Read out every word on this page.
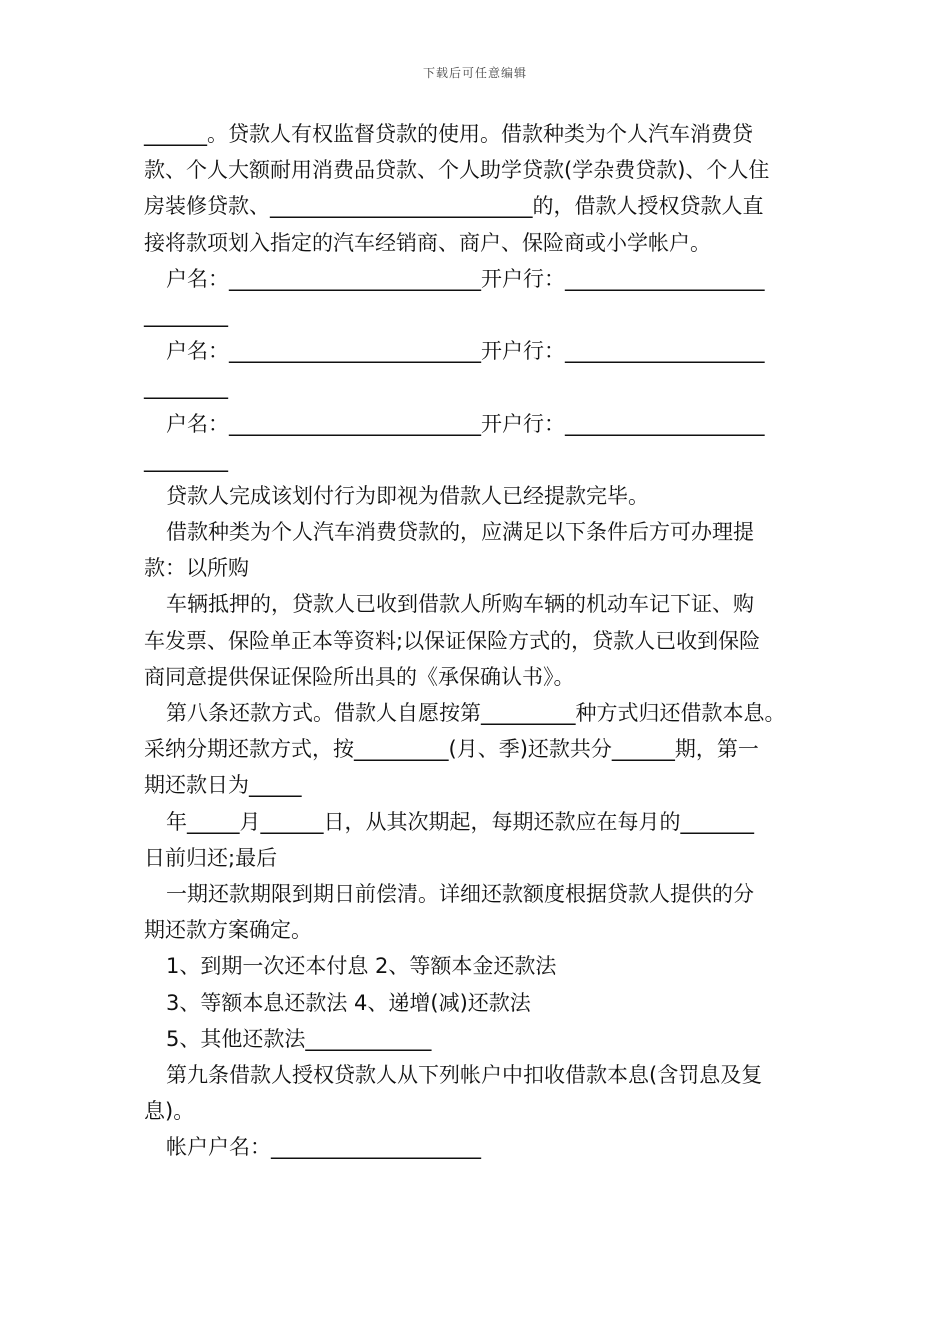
下载后可任意编辑
______。贷款人有权监督贷款的使用。借款种类为个人汽车消费贷
款、个人大额耐用消费品贷款、个人助学贷款(学杂费贷款)、个人住
房装修贷款、_________________________的，借款人授权贷款人直
接将款项划入指定的汽车经销商、商户、保险商或小学帐户。
户名：________________________开户行：___________________
________
户名：________________________开户行：___________________
________
户名：________________________开户行：___________________
________
贷款人完成该划付行为即视为借款人已经提款完毕。
借款种类为个人汽车消费贷款的，应满足以下条件后方可办理提
款：以所购
车辆抵押的，贷款人已收到借款人所购车辆的机动车记下证、购
车发票、保险单正本等资料;以保证保险方式的，贷款人已收到保险
商同意提供保证保险所出具的《承保确认书》。
第八条还款方式。借款人自愿按第_________种方式归还借款本息。
采纳分期还款方式，按_________(月、季)还款共分______期，第一
期还款日为_____
年_____月______日，从其次期起，每期还款应在每月的_______
日前归还;最后
一期还款期限到期日前偿清。详细还款额度根据贷款人提供的分
期还款方案确定。
1、到期一次还本付息 2、等额本金还款法
3、等额本息还款法 4、递增(减)还款法
5、其他还款法____________
第九条借款人授权贷款人从下列帐户中扣收借款本息(含罚息及复
息)。
帐户户名：____________________
